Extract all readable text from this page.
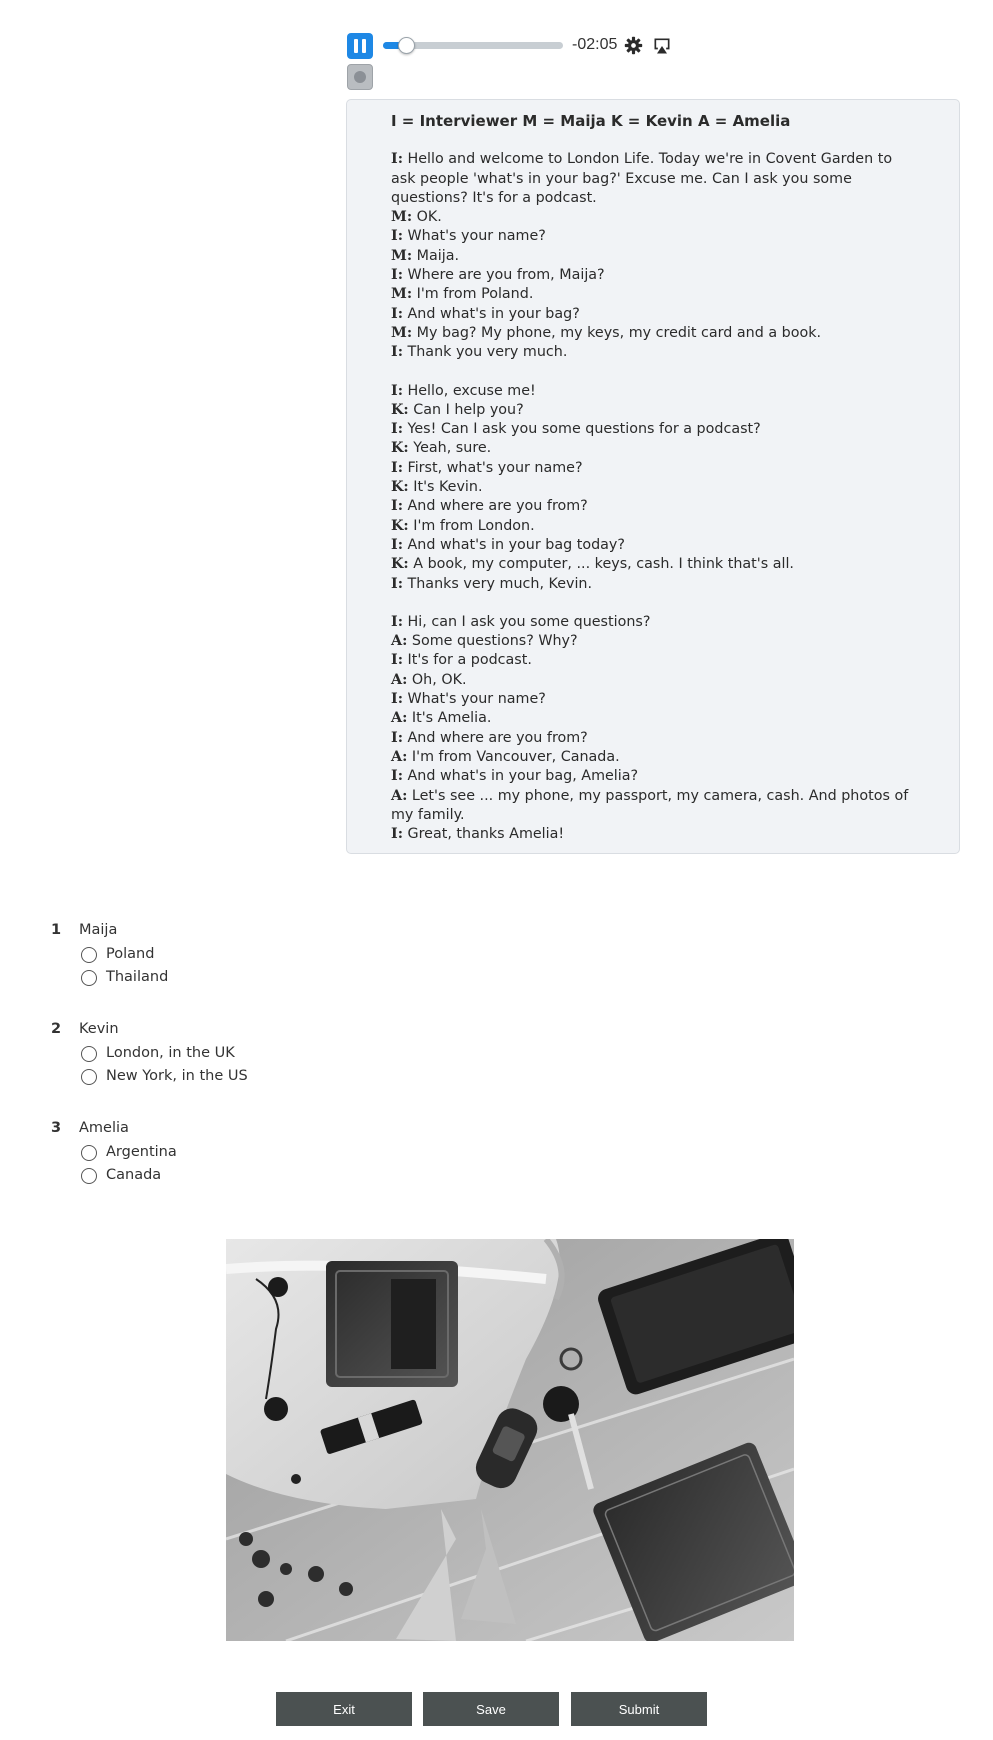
-02:05
I = Interviewer M = Maija K = Kevin A = Amelia

I: Hello and welcome to London Life. Today we're in Covent Garden to ask people 'what's in your bag?' Excuse me. Can I ask you some questions? It's for a podcast.

M: OK.

I: What's your name?

M: Maija.

I: Where are you from, Maija?

M: I'm from Poland.

I: And what's in your bag?

M: My bag? My phone, my keys, my credit card and a book.

I: Thank you very much.

I: Hello, excuse me!

K: Can I help you?

I: Yes! Can I ask you some questions for a podcast?

K: Yeah, sure.

I: First, what's your name?

K: It's Kevin.

I: And where are you from?

K: I'm from London.

I: And what's in your bag today?

K: A book, my computer, ... keys, cash. I think that's all.

I: Thanks very much, Kevin.

I: Hi, can I ask you some questions?

A: Some questions? Why?

I: It's for a podcast.

A: Oh, OK.

I: What's your name?

A: It's Amelia.

I: And where are you from?

A: I'm from Vancouver, Canada.

I: And what's in your bag, Amelia?

A: Let's see ... my phone, my passport, my camera, cash. And photos of my family.

I: Great, thanks Amelia!

1	Maija
Poland
Thailand
2	Kevin
London, in the UK
New York, in the US
3	Amelia
Argentina
Canada
Exit	Save	Submit
